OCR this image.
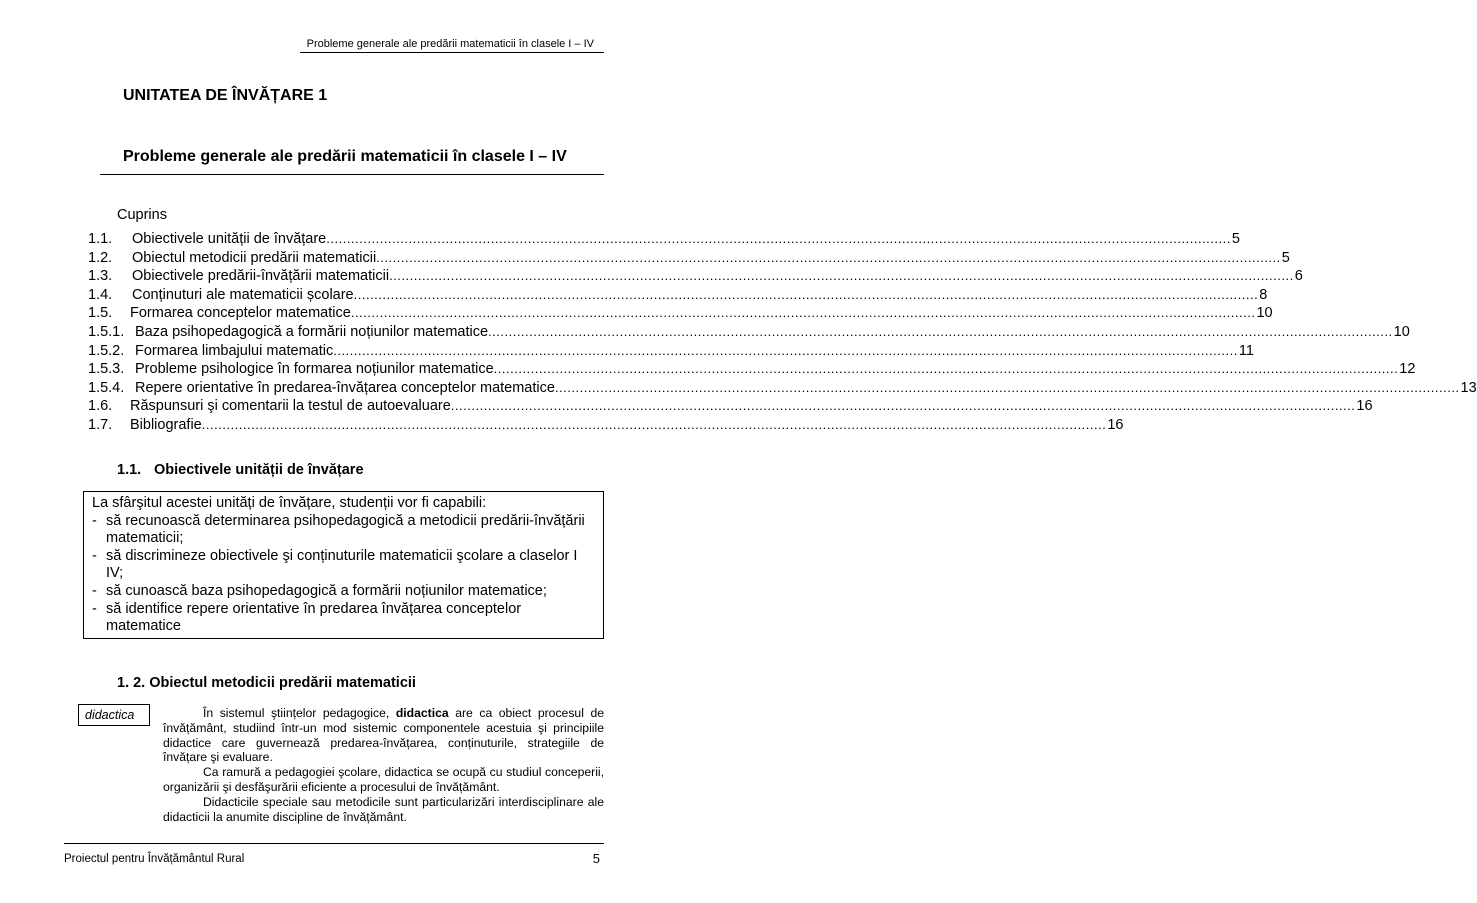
Probleme generale ale predării matematicii în clasele I – IV
UNITATEA DE ÎNVĂȚARE 1
Probleme generale ale predării matematicii în clasele I – IV
Cuprins
1.1.	Obiectivele unității de învățare ............................................................................................................................................................................................................................ 5
1.2.	Obiectul metodicii predării matematicii ............................................................................................................................................................................................................................ 5
1.3.	Obiectivele predării-învățării matematicii ............................................................................................................................................................................................................................ 6
1.4.	Conținuturi ale matematicii școlare ............................................................................................................................................................................................................................ 8
1.5.	Formarea conceptelor matematice ............................................................................................................................................................................................................................ 10
1.5.1. Baza psihopedagogică a formării noțiunilor matematice ............................................................................................................................................................................................................................ 10
1.5.2. Formarea limbajului matematic ............................................................................................................................................................................................................................ 11
1.5.3. Probleme psihologice în formarea noțiunilor matematice ............................................................................................................................................................................................................................ 12
1.5.4. Repere orientative în predarea-învățarea conceptelor matematice ............................................................................................................................................................................................................................ 13
1.6.	Răspunsuri şi comentarii la testul de autoevaluare ............................................................................................................................................................................................................................ 16
1.7.	Bibliografie ............................................................................................................................................................................................................................ 16
1.1. Obiectivele unității de învățare
La sfârşitul acestei unități de învățare, studenții vor fi capabili:
- să recunoască determinarea psihopedagogică a metodicii predării-învățării matematicii;
- să discrimineze obiectivele şi conținuturile matematicii şcolare a claselor I IV;
- să cunoască baza psihopedagogică a formării noțiunilor matematice;
- să identifice repere orientative în predarea învățarea conceptelor matematice
1. 2. Obiectul metodicii predării matematicii
didactica	În sistemul ştiințelor pedagogice, didactica are ca obiect procesul de învățământ, studiind într-un mod sistemic componentele acestuia şi principiile didactice care guvernează predarea-învățarea, conținuturile, strategiile de învățare şi evaluare.

Ca ramură a pedagogiei şcolare, didactica se ocupă cu studiul conceperii, organizării şi desfăşurării eficiente a procesului de învățământ.

Didacticile speciale sau metodicile sunt particularizări interdisciplinare ale didacticii la anumite discipline de învățământ.

Proiectul pentru Învățământul Rural	5
